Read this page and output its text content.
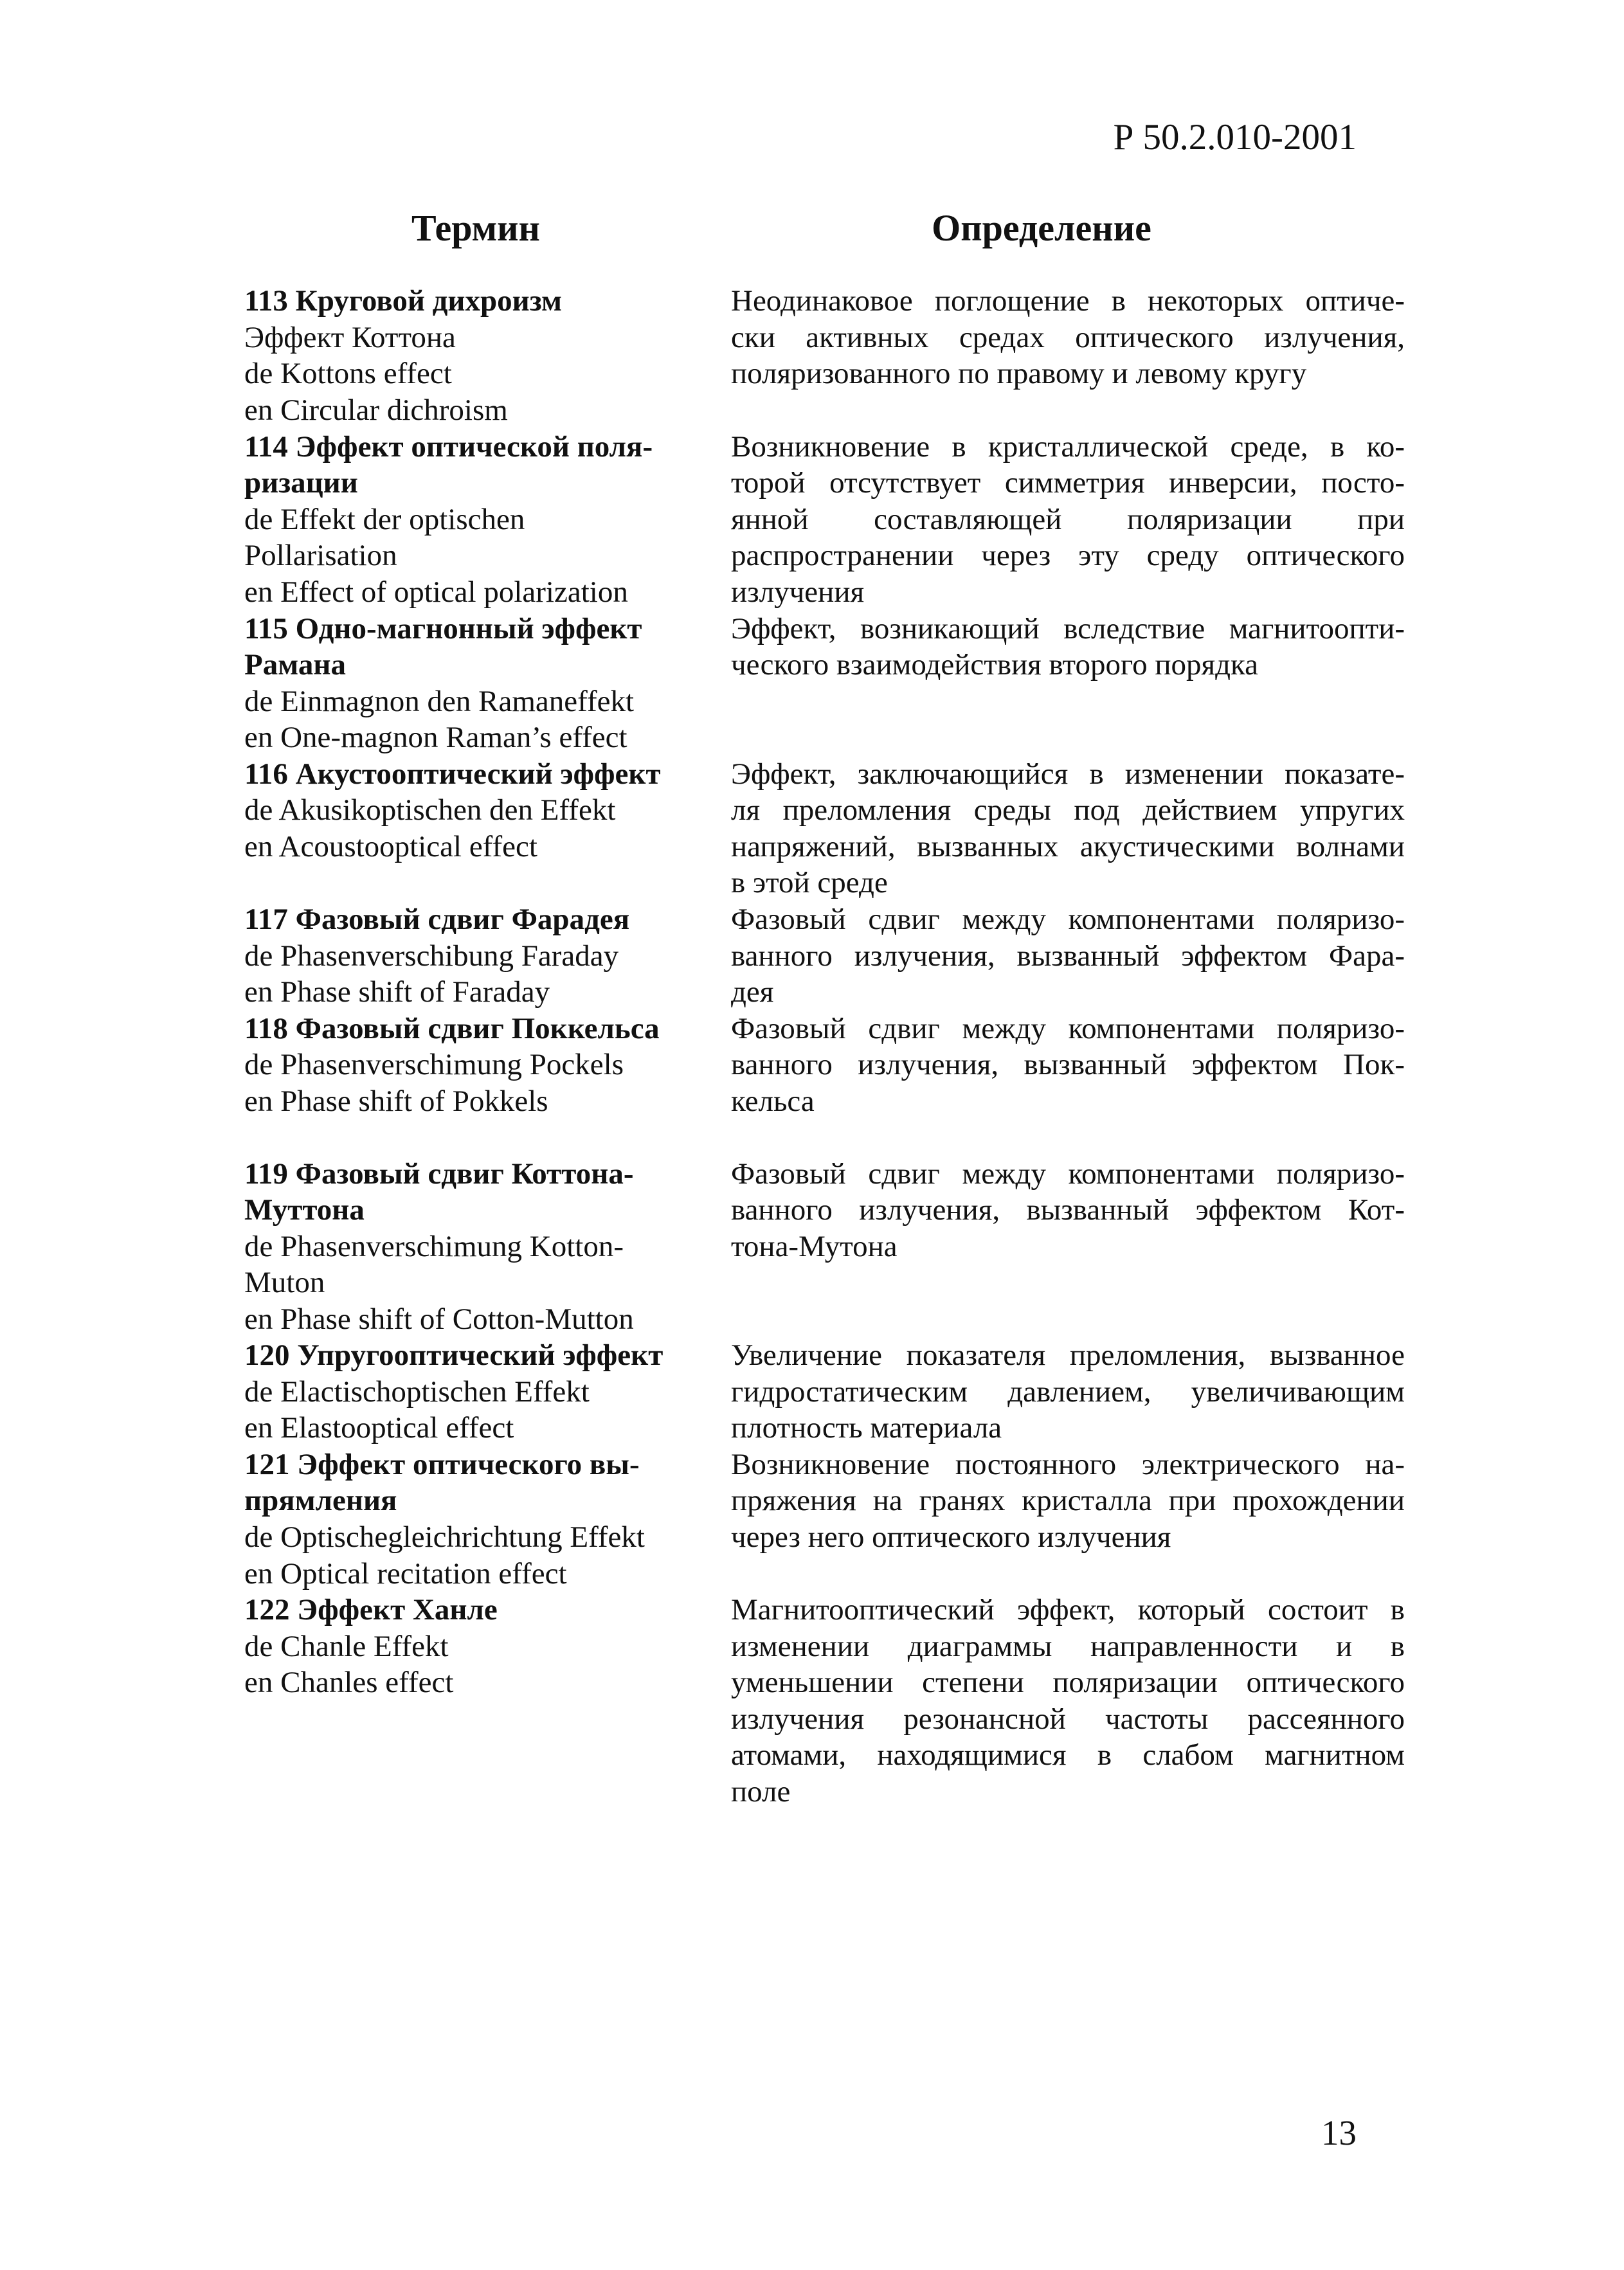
Р 50.2.010-2001
Термин	Определение
113 Круговой дихроизм
Эффект Коттона
de Kottons effect
en Circular dichroism
Неодинаковое поглощение в некоторых оптиче-
ски активных средах оптического излучения,
поляризованного по правому и левому кругу
114 Эффект оптической поля-
ризации
de Effekt der optischen
Pollarisation
en Effect of optical polarization
Возникновение в кристаллической среде, в ко-
торой отсутствует симметрия инверсии, посто-
янной составляющей поляризации при
распространении через эту среду оптического
излучения
115 Одно-магнонный эффект
Рамана
de Einmagnon den Ramaneffekt
en One-magnon Raman’s effect
Эффект, возникающий вследствие магнитоопти-
ческого взаимодействия второго порядка
116 Акустооптический эффект
de Akusikoptischen den Effekt
en Acoustooptical effect
Эффект, заключающийся в изменении показате-
ля преломления среды под действием упругих
напряжений, вызванных акустическими волнами
в этой среде
117 Фазовый сдвиг Фарадея
de Phasenverschibung Faraday
en Phase shift of Faraday
Фазовый сдвиг между компонентами поляризо-
ванного излучения, вызванный эффектом Фара-
дея
118 Фазовый сдвиг Поккельса
de Phasenverschimung Pockels
en Phase shift of Pokkels
Фазовый сдвиг между компонентами поляризо-
ванного излучения, вызванный эффектом Пок-
кельса
119 Фазовый сдвиг Коттона-
Муттона
de Phasenverschimung Kotton-
Muton
en Phase shift of Cotton-Mutton
Фазовый сдвиг между компонентами поляризо-
ванного излучения, вызванный эффектом Кот-
тона-Мутона
120 Упругооптический эффект
de Elactischoptischen Effekt
en Elastooptical effect
Увеличение показателя преломления, вызванное
гидростатическим давлением, увеличивающим
плотность материала
121 Эффект оптического вы-
прямления
de Optischegleichrichtung Effekt
en Optical recitation effect
Возникновение постоянного электрического на-
пряжения на гранях кристалла при прохождении
через него оптического излучения
122 Эффект Ханле
de Chanle Effekt
en Chanles effect
Магнитооптический эффект, который состоит в
изменении диаграммы направленности и в
уменьшении степени поляризации оптического
излучения резонансной частоты рассеянного
атомами, находящимися в слабом магнитном
поле
13
